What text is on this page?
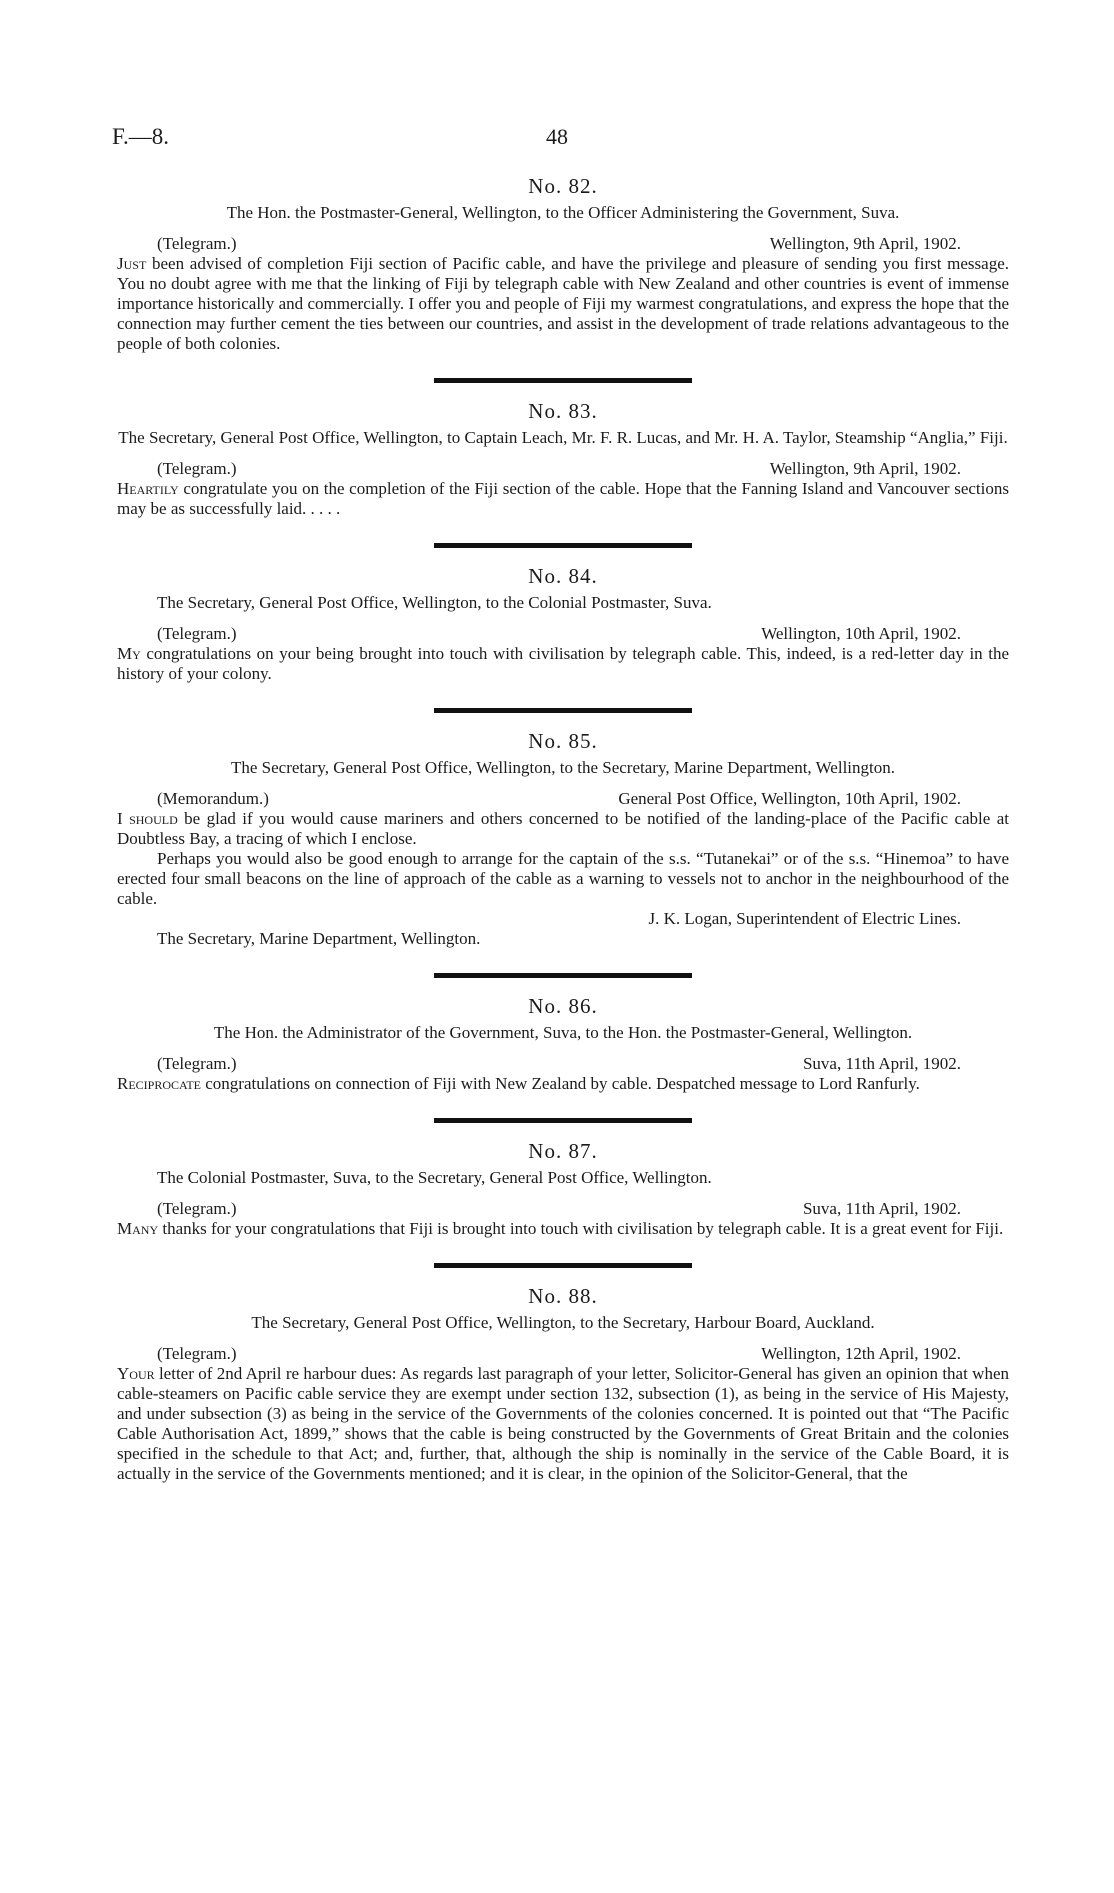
F.—8.	48
No. 82.

The Hon. the Postmaster-General, Wellington, to the Officer Administering the Government, Suva.

(Telegram.)	Wellington, 9th April, 1902.

Just been advised of completion Fiji section of Pacific cable, and have the privilege and pleasure of sending you first message. You no doubt agree with me that the linking of Fiji by telegraph cable with New Zealand and other countries is event of immense importance historically and commercially. I offer you and people of Fiji my warmest congratulations, and express the hope that the connection may further cement the ties between our countries, and assist in the development of trade relations advantageous to the people of both colonies.

No. 83.

The Secretary, General Post Office, Wellington, to Captain Leach, Mr. F. R. Lucas, and Mr. H. A. Taylor, Steamship “Anglia,” Fiji.

(Telegram.)	Wellington, 9th April, 1902.

Heartily congratulate you on the completion of the Fiji section of the cable. Hope that the Fanning Island and Vancouver sections may be as successfully laid. . . . .

No. 84.

The Secretary, General Post Office, Wellington, to the Colonial Postmaster, Suva.

(Telegram.)	Wellington, 10th April, 1902.

My congratulations on your being brought into touch with civilisation by telegraph cable. This, indeed, is a red-letter day in the history of your colony.

No. 85.

The Secretary, General Post Office, Wellington, to the Secretary, Marine Department, Wellington.

(Memorandum.)	General Post Office, Wellington, 10th April, 1902.

I should be glad if you would cause mariners and others concerned to be notified of the landing-place of the Pacific cable at Doubtless Bay, a tracing of which I enclose.

Perhaps you would also be good enough to arrange for the captain of the s.s. “Tutanekai” or of the s.s. “Hinemoa” to have erected four small beacons on the line of approach of the cable as a warning to vessels not to anchor in the neighbourhood of the cable.

J. K. Logan, Superintendent of Electric Lines.

The Secretary, Marine Department, Wellington.

No. 86.

The Hon. the Administrator of the Government, Suva, to the Hon. the Postmaster-General, Wellington.

(Telegram.)	Suva, 11th April, 1902.

Reciprocate congratulations on connection of Fiji with New Zealand by cable. Despatched message to Lord Ranfurly.

No. 87.

The Colonial Postmaster, Suva, to the Secretary, General Post Office, Wellington.

(Telegram.)	Suva, 11th April, 1902.

Many thanks for your congratulations that Fiji is brought into touch with civilisation by telegraph cable. It is a great event for Fiji.

No. 88.

The Secretary, General Post Office, Wellington, to the Secretary, Harbour Board, Auckland.

(Telegram.)	Wellington, 12th April, 1902.

Your letter of 2nd April re harbour dues: As regards last paragraph of your letter, Solicitor-General has given an opinion that when cable-steamers on Pacific cable service they are exempt under section 132, subsection (1), as being in the service of His Majesty, and under subsection (3) as being in the service of the Governments of the colonies concerned. It is pointed out that “The Pacific Cable Authorisation Act, 1899,” shows that the cable is being constructed by the Governments of Great Britain and the colonies specified in the schedule to that Act; and, further, that, although the ship is nominally in the service of the Cable Board, it is actually in the service of the Governments mentioned; and it is clear, in the opinion of the Solicitor-General, that the
